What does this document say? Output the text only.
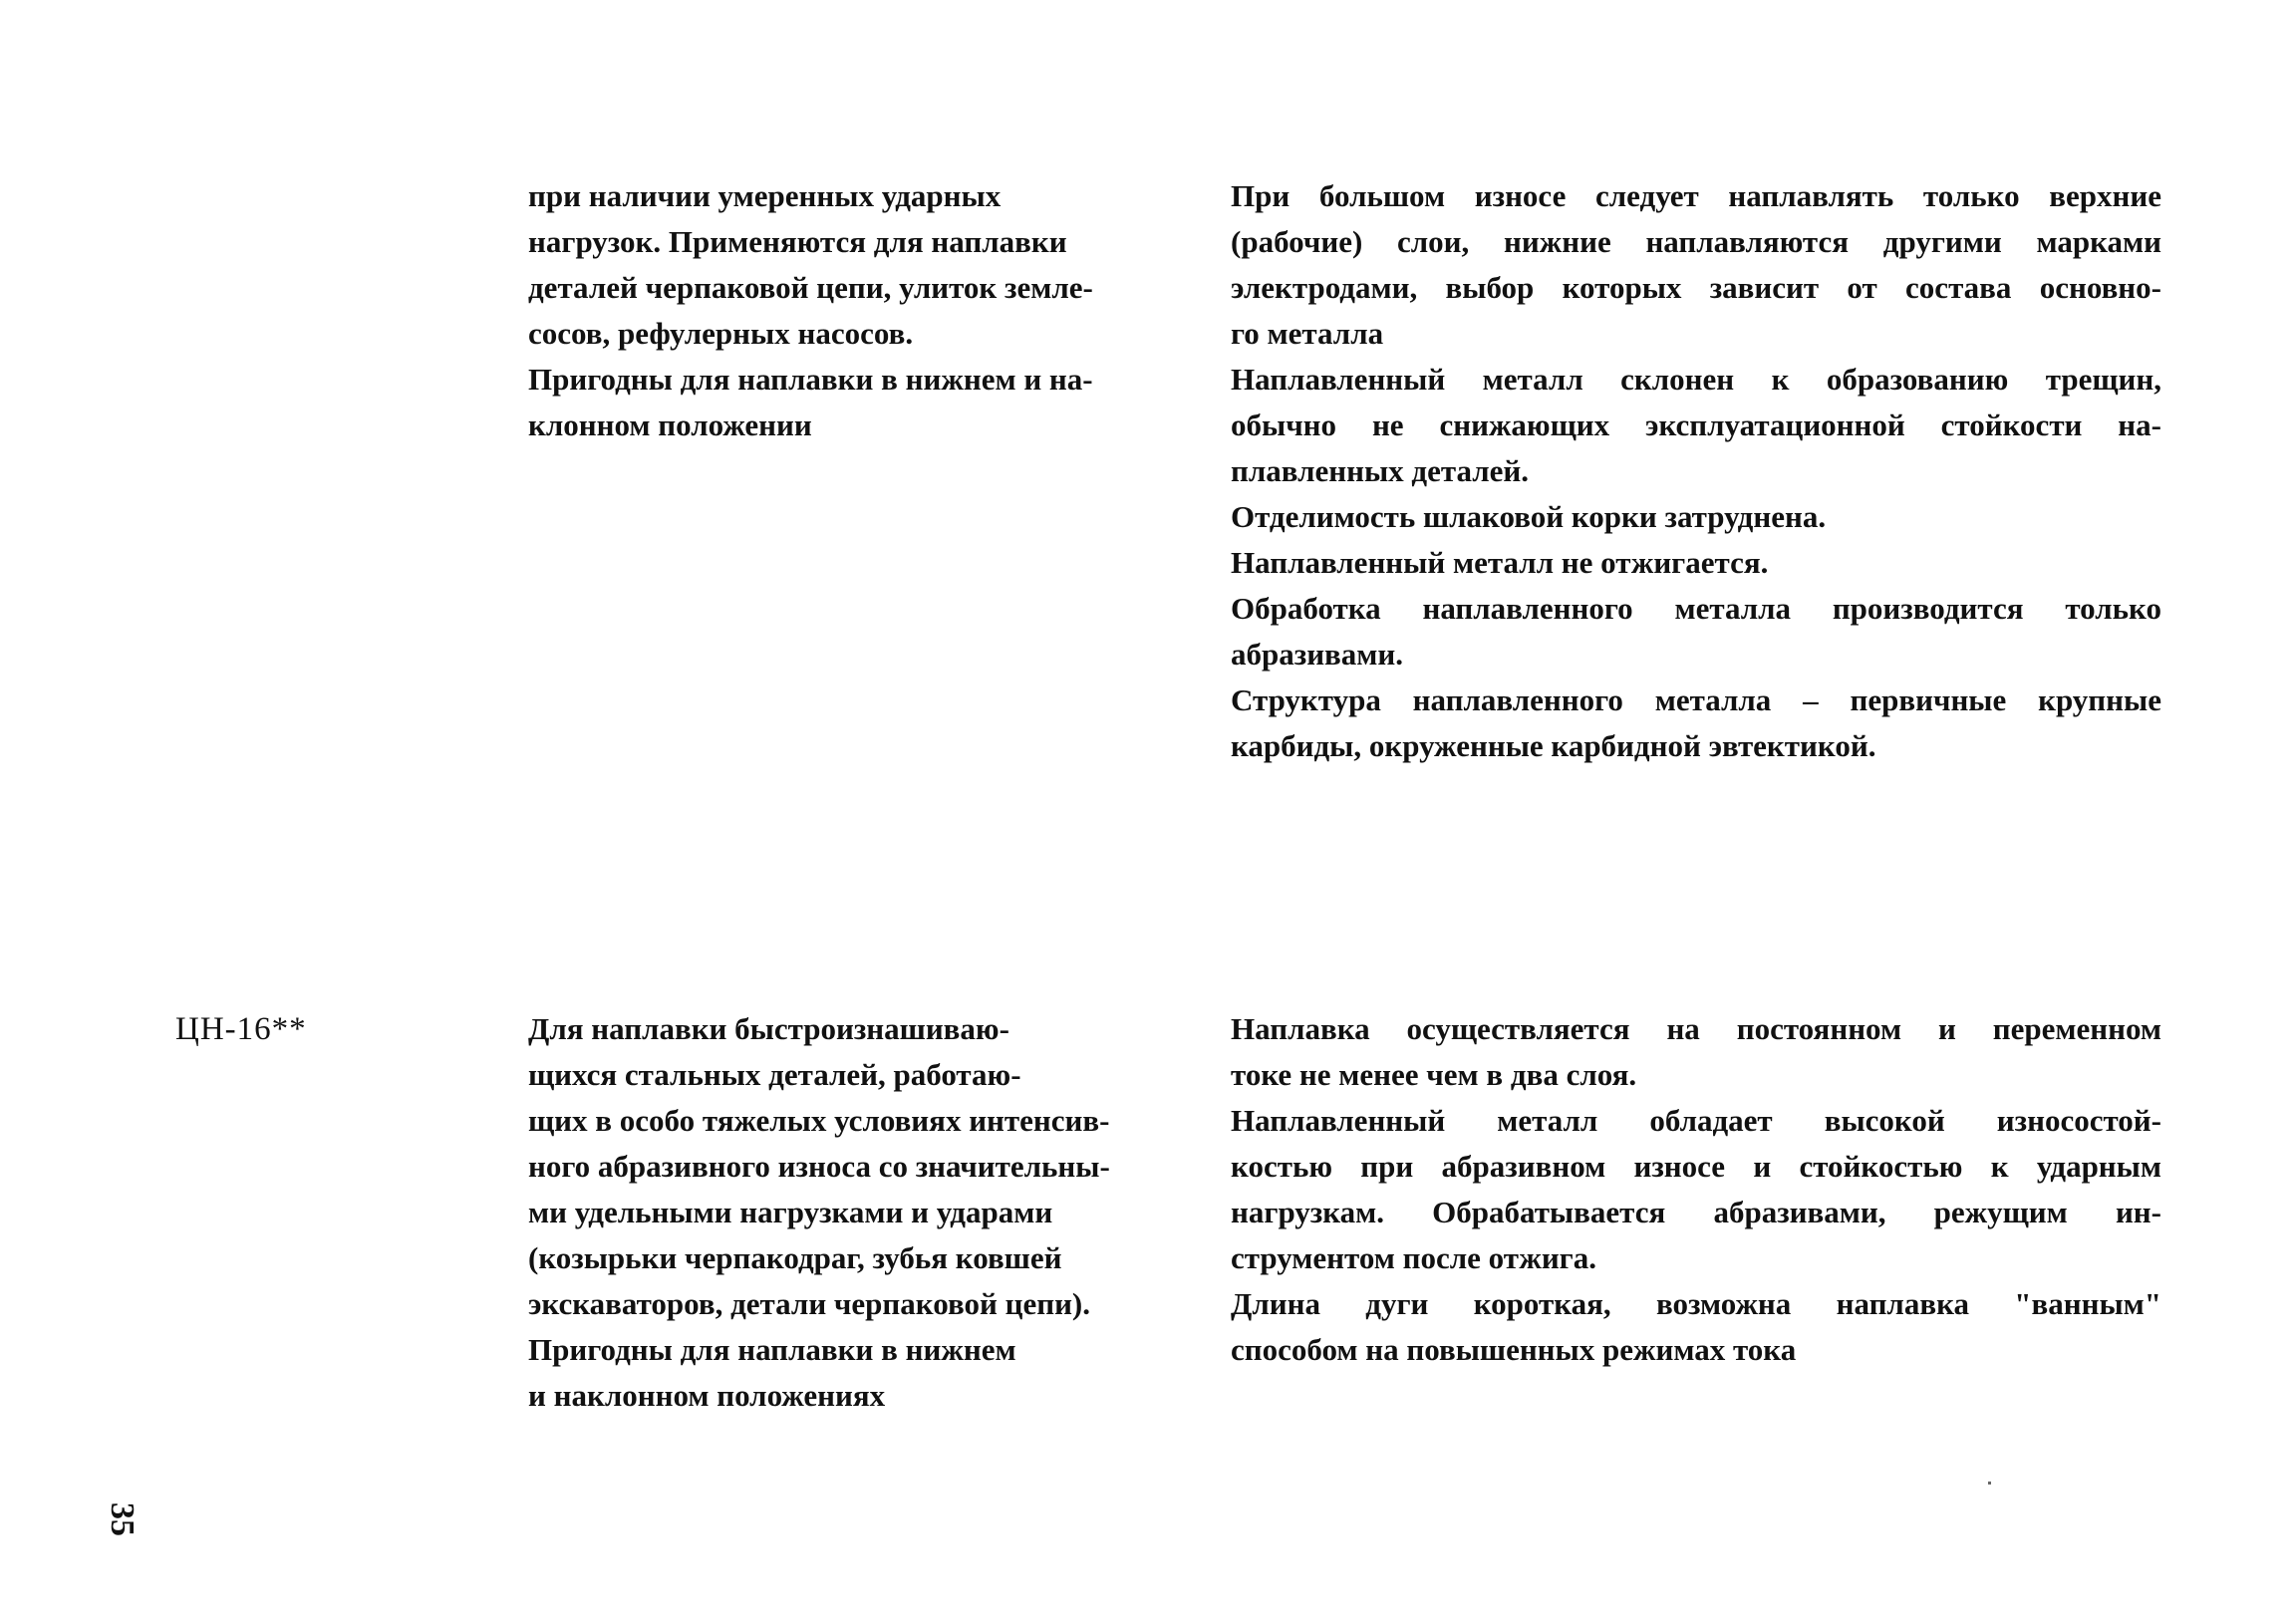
при наличии умеренных ударных
нагрузок. Применяются для наплавки
деталей черпаковой цепи, улиток земле-
сосов, рефулерных насосов.
Пригодны для наплавки в нижнем и на-
клонном положении
При большом износе следует наплавлять только верхние
(рабочие) слои, нижние наплавляются другими марками
электродами, выбор которых зависит от состава основно-
го металла
Наплавленный металл склонен к образованию трещин,
обычно не снижающих эксплуатационной стойкости на-
плавленных деталей.
Отделимость шлаковой корки затруднена.
Наплавленный металл не отжигается.
Обработка наплавленного металла производится только
абразивами.
Структура наплавленного металла – первичные крупные
карбиды, окруженные карбидной эвтектикой.
ЦН-16**	Для наплавки быстроизнашиваю-
щихся стальных деталей, работаю-
щих в особо тяжелых условиях интенсив-
ного абразивного износа со значительны-
ми удельными нагрузками и ударами
(козырьки черпакодраг, зубья ковшей
экскаваторов, детали черпаковой цепи).
Пригодны для наплавки в нижнем
и наклонном положениях
Наплавка осуществляется на постоянном и переменном
токе не менее чем в два слоя.
Наплавленный металл обладает высокой износостой-
костью при абразивном износе и стойкостью к ударным
нагрузкам. Обрабатывается абразивами, режущим ин-
струментом после отжига.
Длина дуги короткая, возможна наплавка "ванным"
способом на повышенных режимах тока
35
